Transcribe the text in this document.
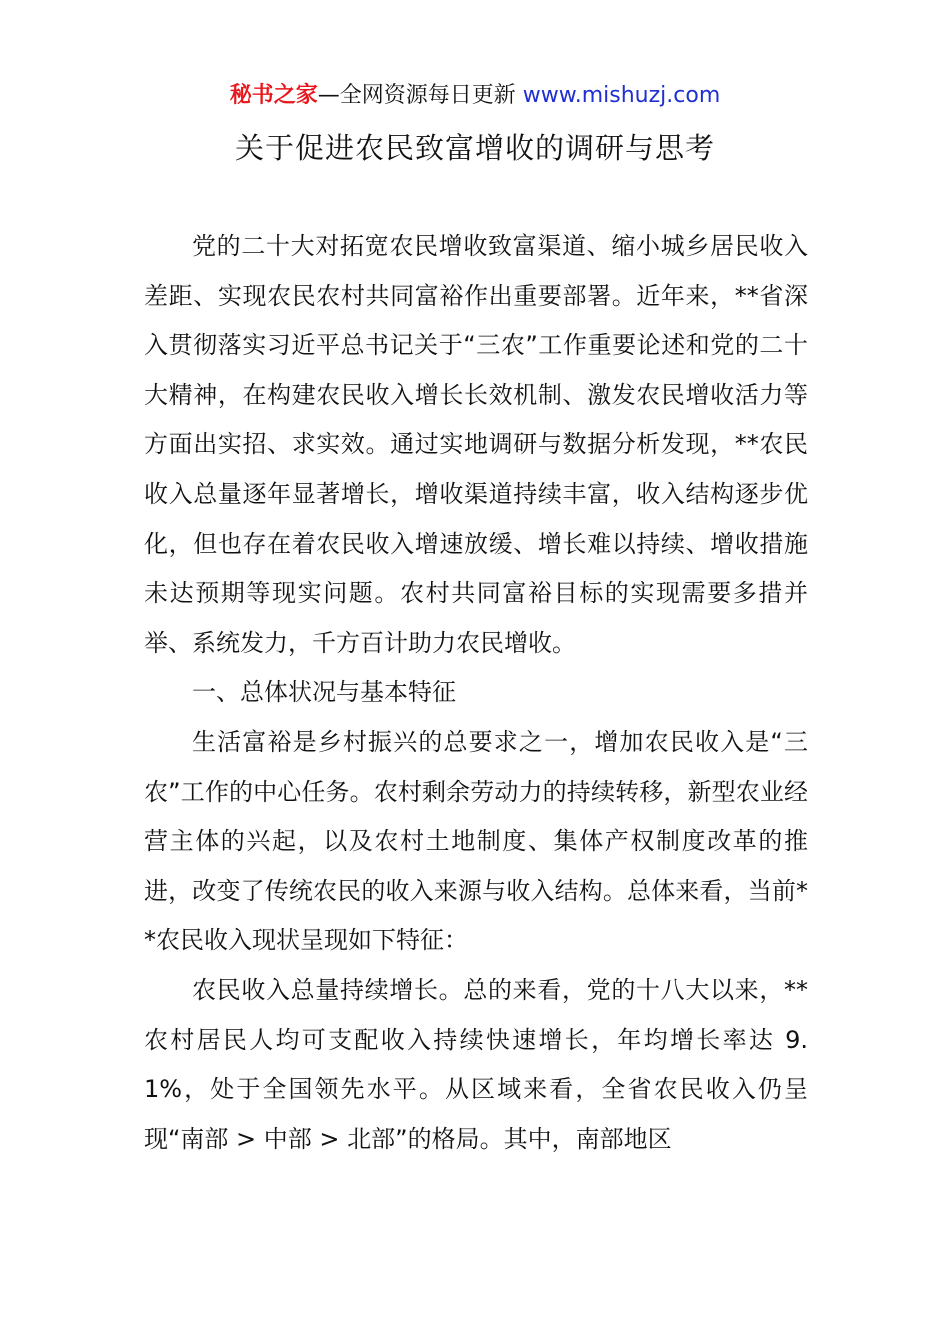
秘书之家—全网资源每日更新 www.mishuzj.com
关于促进农民致富增收的调研与思考

党的二十大对拓宽农民增收致富渠道、缩小城乡居民收入差距、实现农民农村共同富裕作出重要部署。近年来，**省深入贯彻落实习近平总书记关于“三农”工作重要论述和党的二十大精神，在构建农民收入增长长效机制、激发农民增收活力等方面出实招、求实效。通过实地调研与数据分析发现，**农民收入总量逐年显著增长，增收渠道持续丰富，收入结构逐步优化，但也存在着农民收入增速放缓、增长难以持续、增收措施未达预期等现实问题。农村共同富裕目标的实现需要多措并举、系统发力，千方百计助力农民增收。

一、总体状况与基本特征

生活富裕是乡村振兴的总要求之一，增加农民收入是“三农”工作的中心任务。农村剩余劳动力的持续转移，新型农业经营主体的兴起，以及农村土地制度、集体产权制度改革的推进，改变了传统农民的收入来源与收入结构。总体来看，当前**农民收入现状呈现如下特征：

农民收入总量持续增长。总的来看，党的十八大以来，**农村居民人均可支配收入持续快速增长，年均增长率达 9.1%，处于全国领先水平。从区域来看，全省农民收入仍呈现“南部 > 中部 > 北部”的格局。其中，南部地区
